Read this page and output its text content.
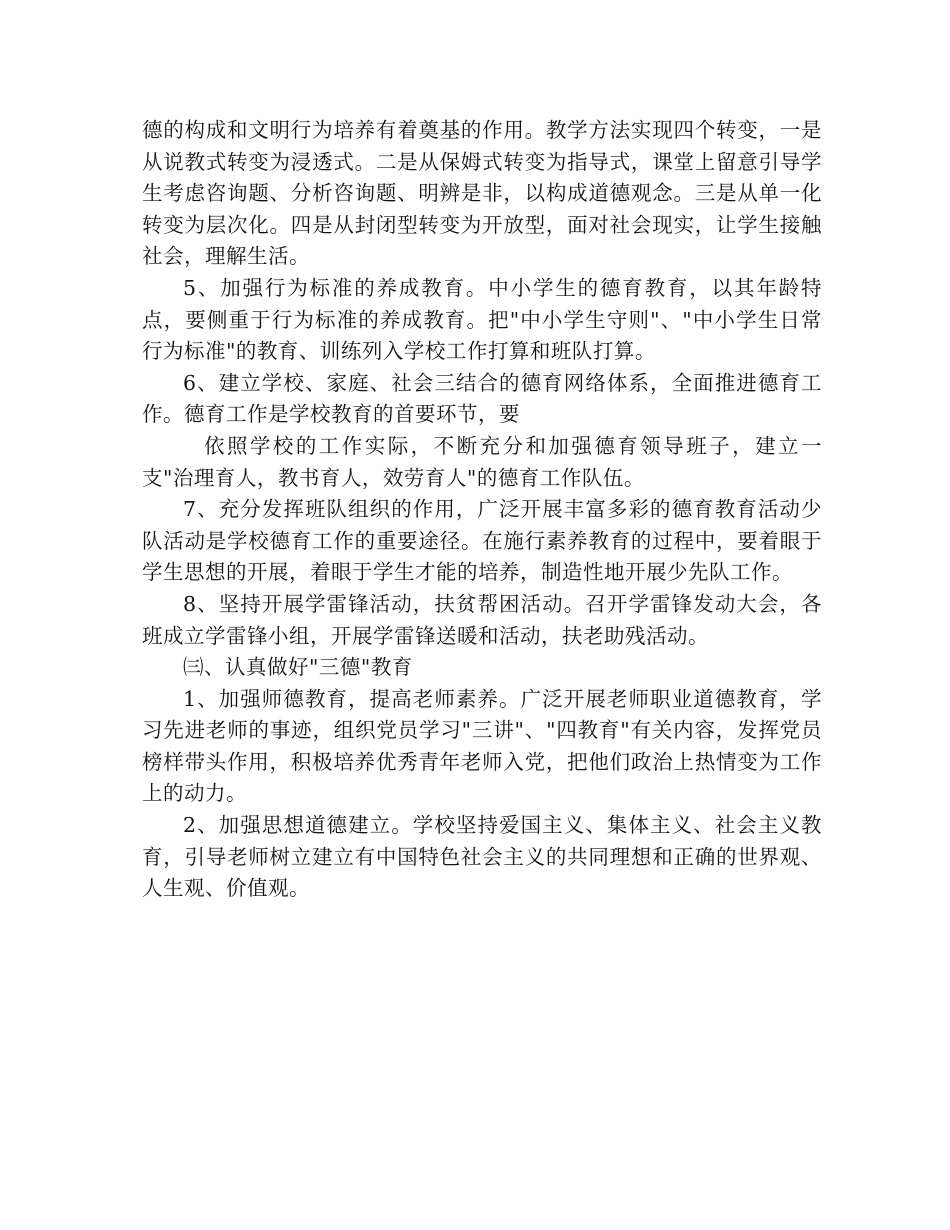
德的构成和文明行为培养有着奠基的作用。教学方法实现四个转变，一是从说教式转变为浸透式。二是从保姆式转变为指导式，课堂上留意引导学生考虑咨询题、分析咨询题、明辨是非，以构成道德观念。三是从单一化转变为层次化。四是从封闭型转变为开放型，面对社会现实，让学生接触社会，理解生活。

5、加强行为标准的养成教育。中小学生的德育教育，以其年龄特点，要侧重于行为标准的养成教育。把"中小学生守则"、"中小学生日常行为标准"的教育、训练列入学校工作打算和班队打算。

6、建立学校、家庭、社会三结合的德育网络体系，全面推进德育工作。德育工作是学校教育的首要环节，要

依照学校的工作实际，不断充分和加强德育领导班子，建立一支"治理育人，教书育人，效劳育人"的德育工作队伍。

7、充分发挥班队组织的作用，广泛开展丰富多彩的德育教育活动少队活动是学校德育工作的重要途径。在施行素养教育的过程中，要着眼于学生思想的开展，着眼于学生才能的培养，制造性地开展少先队工作。

8、坚持开展学雷锋活动，扶贫帮困活动。召开学雷锋发动大会，各班成立学雷锋小组，开展学雷锋送暖和活动，扶老助残活动。

㈢、认真做好"三德"教育

1、加强师德教育，提高老师素养。广泛开展老师职业道德教育，学习先进老师的事迹，组织党员学习"三讲"、"四教育"有关内容，发挥党员榜样带头作用，积极培养优秀青年老师入党，把他们政治上热情变为工作上的动力。

2、加强思想道德建立。学校坚持爱国主义、集体主义、社会主义教育，引导老师树立建立有中国特色社会主义的共同理想和正确的世界观、人生观、价值观。
